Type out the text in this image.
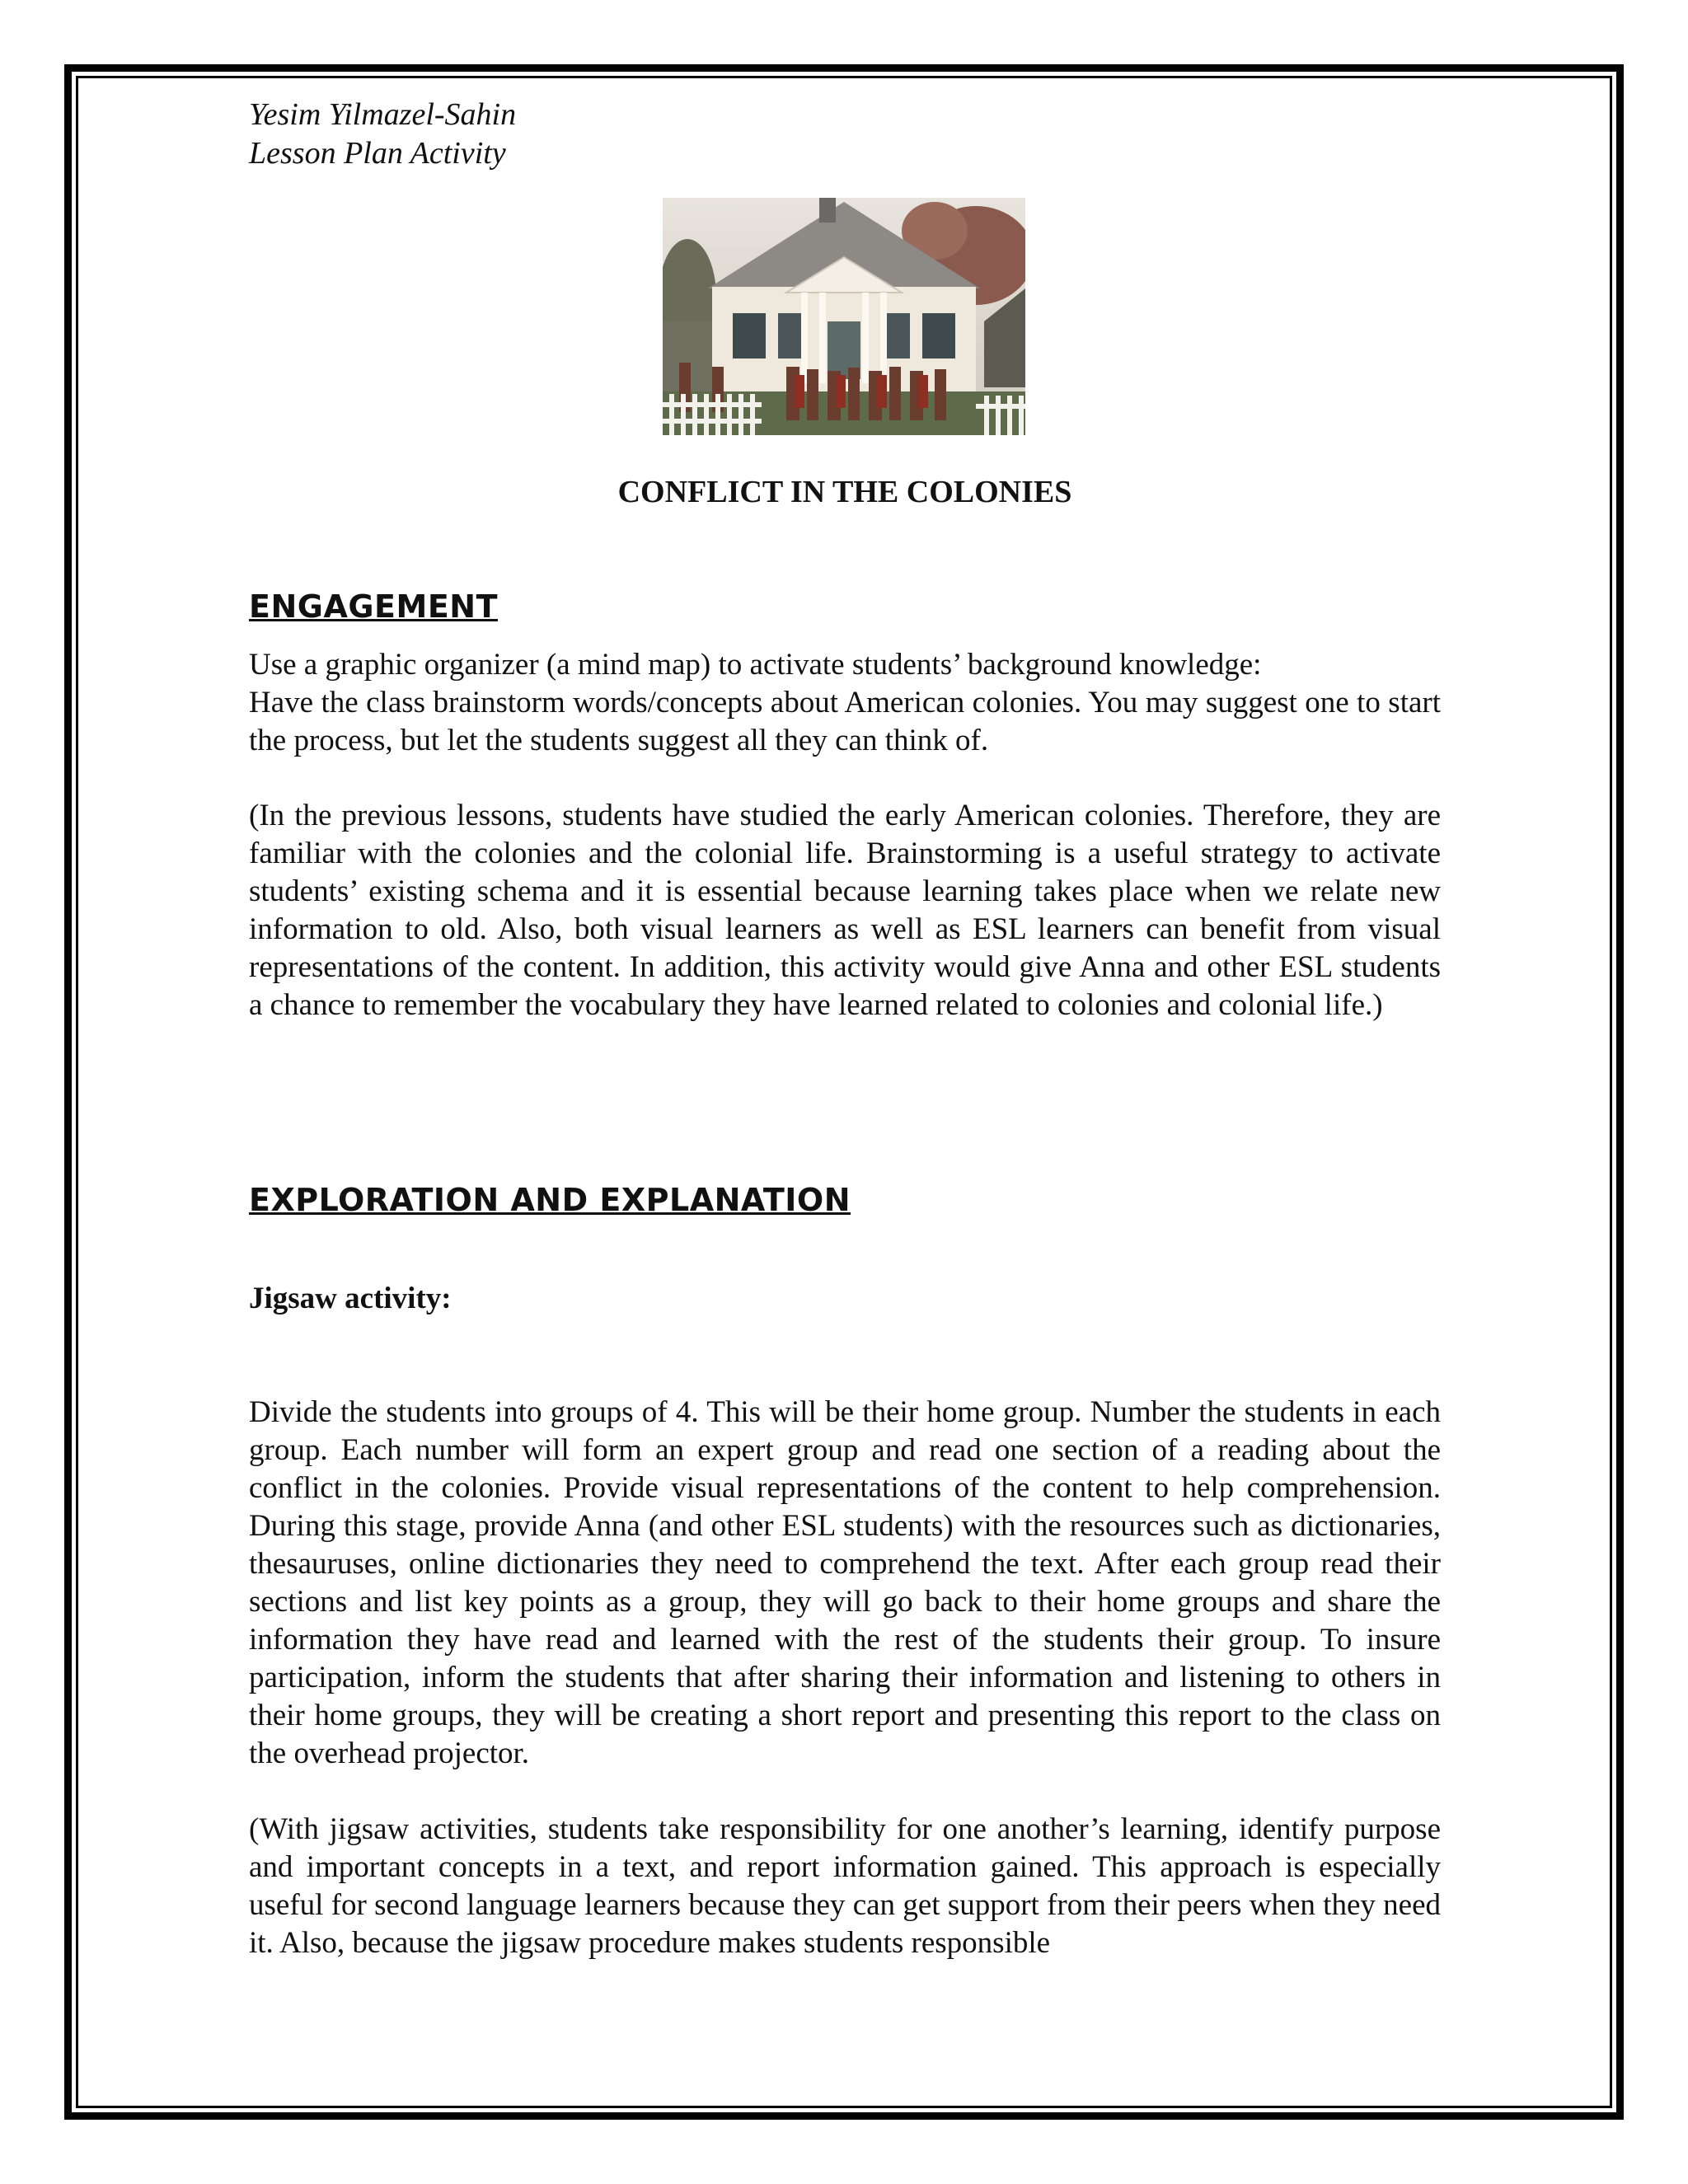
Yesim Yilmazel-Sahin
Lesson Plan Activity
CONFLICT IN THE COLONIES
ENGAGEMENT

Use a graphic organizer (a mind map) to activate students’ background knowledge:

Have the class brainstorm words/concepts about American colonies. You may suggest one to start the process, but let the students suggest all they can think of.

(In the previous lessons, students have studied the early American colonies. Therefore, they are familiar with the colonies and the colonial life. Brainstorming is a useful strategy to activate students’ existing schema and it is essential because learning takes place when we relate new information to old. Also, both visual learners as well as ESL learners can benefit from visual representations of the content. In addition, this activity would give Anna and other ESL students a chance to remember the vocabulary they have learned related to colonies and colonial life.)
EXPLORATION AND EXPLANATION
Jigsaw activity:
Divide the students into groups of 4. This will be their home group. Number the students in each group. Each number will form an expert group and read one section of a reading about the conflict in the colonies. Provide visual representations of the content to help comprehension. During this stage, provide Anna (and other ESL students) with the resources such as dictionaries, thesauruses, online dictionaries they need to comprehend the text. After each group read their sections and list key points as a group, they will go back to their home groups and share the information they have read and learned with the rest of the students their group. To insure participation, inform the students that after sharing their information and listening to others in their home groups, they will be creating a short report and presenting this report to the class on the overhead projector.
(With jigsaw activities, students take responsibility for one another’s learning, identify purpose and important concepts in a text, and report information gained. This approach is especially useful for second language learners because they can get support from their peers when they need it. Also, because the jigsaw procedure makes students responsible
